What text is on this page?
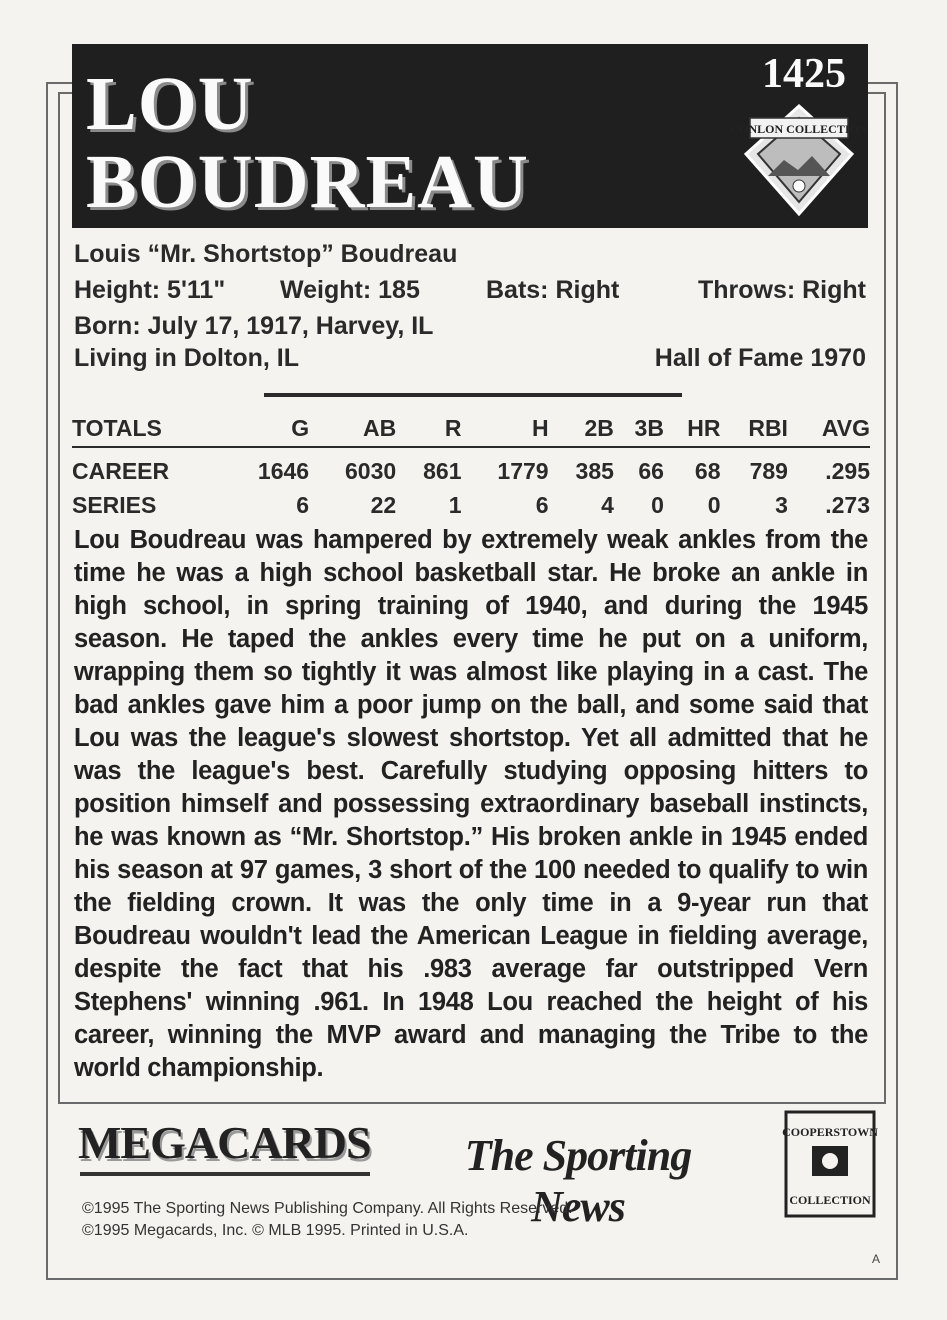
LOU
BOUDREAU
1425
CONLON COLLECTION
Louis “Mr. Shortstop” Boudreau
Height: 5'11" Weight: 185	Bats: Right	Throws: Right
Born: July 17, 1917, Harvey, IL
Living in Dolton, IL	Hall of Fame 1970
TOTALS	G	AB	R	H	2B	3B	HR	RBI	AVG
CAREER	1646	6030	861	1779	385	66	68	789	.295
SERIES	6	22	1	6	4	0	0	3	.273
Lou Boudreau was hampered by extremely weak ankles from the time he was a high school basketball star. He broke an ankle in high school, in spring training of 1940, and during the 1945 season. He taped the ankles every time he put on a uniform, wrapping them so tightly it was almost like playing in a cast. The bad ankles gave him a poor jump on the ball, and some said that Lou was the league's slowest shortstop. Yet all admitted that he was the league's best. Carefully studying opposing hitters to position himself and possessing extraordinary baseball instincts, he was known as “Mr. Shortstop.” His broken ankle in 1945 ended his season at 97 games, 3 short of the 100 needed to qualify to win the fielding crown. It was the only time in a 9-year run that Boudreau wouldn't lead the American League in fielding average, despite the fact that his .983 average far outstripped Vern Stephens' winning .961. In 1948 Lou reached the height of his career, winning the MVP award and managing the Tribe to the world championship.
MEGACARDS	The Sporting News
COOPERSTOWN
COLLECTION
©1995 The Sporting News Publishing Company. All Rights Reserved.
©1995 Megacards, Inc. © MLB 1995. Printed in U.S.A.
A
